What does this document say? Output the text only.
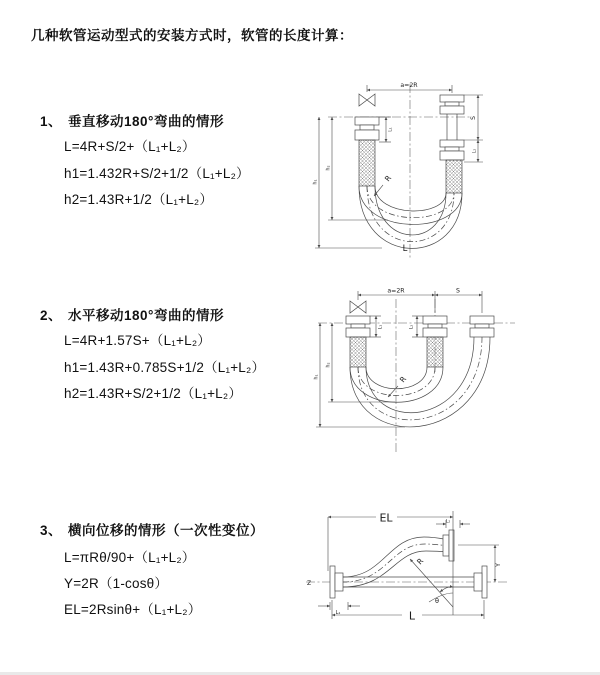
几种软管运动型式的安装方式时，软管的长度计算：
1、 垂直移动180°弯曲的情形
L=4R+S/2+（L₁+L₂）
h1=1.432R+S/2+1/2（L₁+L₂）
h2=1.43R+1/2（L₁+L₂）
2、 水平移动180°弯曲的情形
L=4R+1.57S+（L₁+L₂）
h1=1.43R+0.785S+1/2（L₁+L₂）
h2=1.43R+S/2+1/2（L₁+L₂）
3、 横向位移的情形（一次性变位）
L=πRθ/90+（L₁+L₂）
Y=2R（1-cosθ）
EL=2Rsinθ+（L₁+L₂）
a=2R
L₁
S
L₂
h₁
h₂
R
L
a=2R	S
L₁	L₂
h₁
h₂
R
EL	L₂
Y
R
θ
L
L₁
Z
